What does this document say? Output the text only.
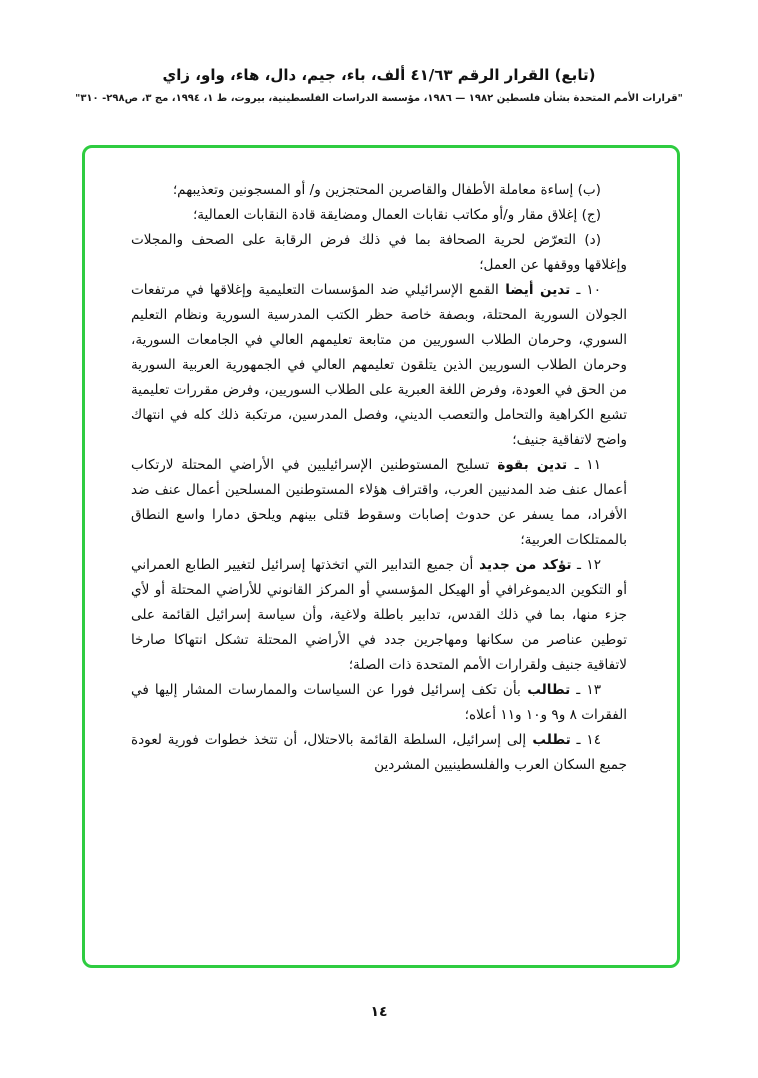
(تابع) القرار الرقم ٤١/٦٣ ألف، باء، جيم، دال، هاء، واو، زاي
"قرارات الأمم المتحدة بشأن فلسطين ١٩٨٢ — ١٩٨٦، مؤسسة الدراسات الفلسطينية، بيروت، ط ١، ١٩٩٤، مج ٣، ص٢٩٨- ٣١٠"

(ب) إساءة معاملة الأطفال والقاصرين المحتجزين و/ أو المسجونين وتعذيبهم؛

(ج) إغلاق مقار و/أو مكاتب نقابات العمال ومضايقة قادة النقابات العمالية؛

(د) التعرّض لحرية الصحافة بما في ذلك فرض الرقابة على الصحف والمجلات وإغلاقها ووقفها عن العمل؛

١٠ ـ تدين أيضا القمع الإسرائيلي ضد المؤسسات التعليمية وإغلاقها في مرتفعات الجولان السورية المحتلة، وبصفة خاصة حظر الكتب المدرسية السورية ونظام التعليم السوري، وحرمان الطلاب السوريين من متابعة تعليمهم العالي في الجامعات السورية، وحرمان الطلاب السوريين الذين يتلقون تعليمهم العالي في الجمهورية العربية السورية من الحق في العودة، وفرض اللغة العبرية على الطلاب السوريين، وفرض مقررات تعليمية تشيع الكراهية والتحامل والتعصب الديني، وفصل المدرسين، مرتكبة ذلك كله في انتهاك واضح لاتفاقية جنيف؛

١١ ـ تدين بقوة تسليح المستوطنين الإسرائيليين في الأراضي المحتلة لارتكاب أعمال عنف ضد المدنيين العرب، واقتراف هؤلاء المستوطنين المسلحين أعمال عنف ضد الأفراد، مما يسفر عن حدوث إصابات وسقوط قتلى بينهم ويلحق دمارا واسع النطاق بالممتلكات العربية؛

١٢ ـ تؤكد من جديد أن جميع التدابير التي اتخذتها إسرائيل لتغيير الطابع العمراني أو التكوين الديموغرافي أو الهيكل المؤسسي أو المركز القانوني للأراضي المحتلة أو لأي جزء منها، بما في ذلك القدس، تدابير باطلة ولاغية، وأن سياسة إسرائيل القائمة على توطين عناصر من سكانها ومهاجرين جدد في الأراضي المحتلة تشكل انتهاكا صارخا لاتفاقية جنيف ولقرارات الأمم المتحدة ذات الصلة؛

١٣ ـ تطالب بأن تكف إسرائيل فورا عن السياسات والممارسات المشار إليها في الفقرات ٨ و٩ و١٠ و١١ أعلاه؛

١٤ ـ تطلب إلى إسرائيل، السلطة القائمة بالاحتلال، أن تتخذ خطوات فورية لعودة جميع السكان العرب والفلسطينيين المشردين

١٤
